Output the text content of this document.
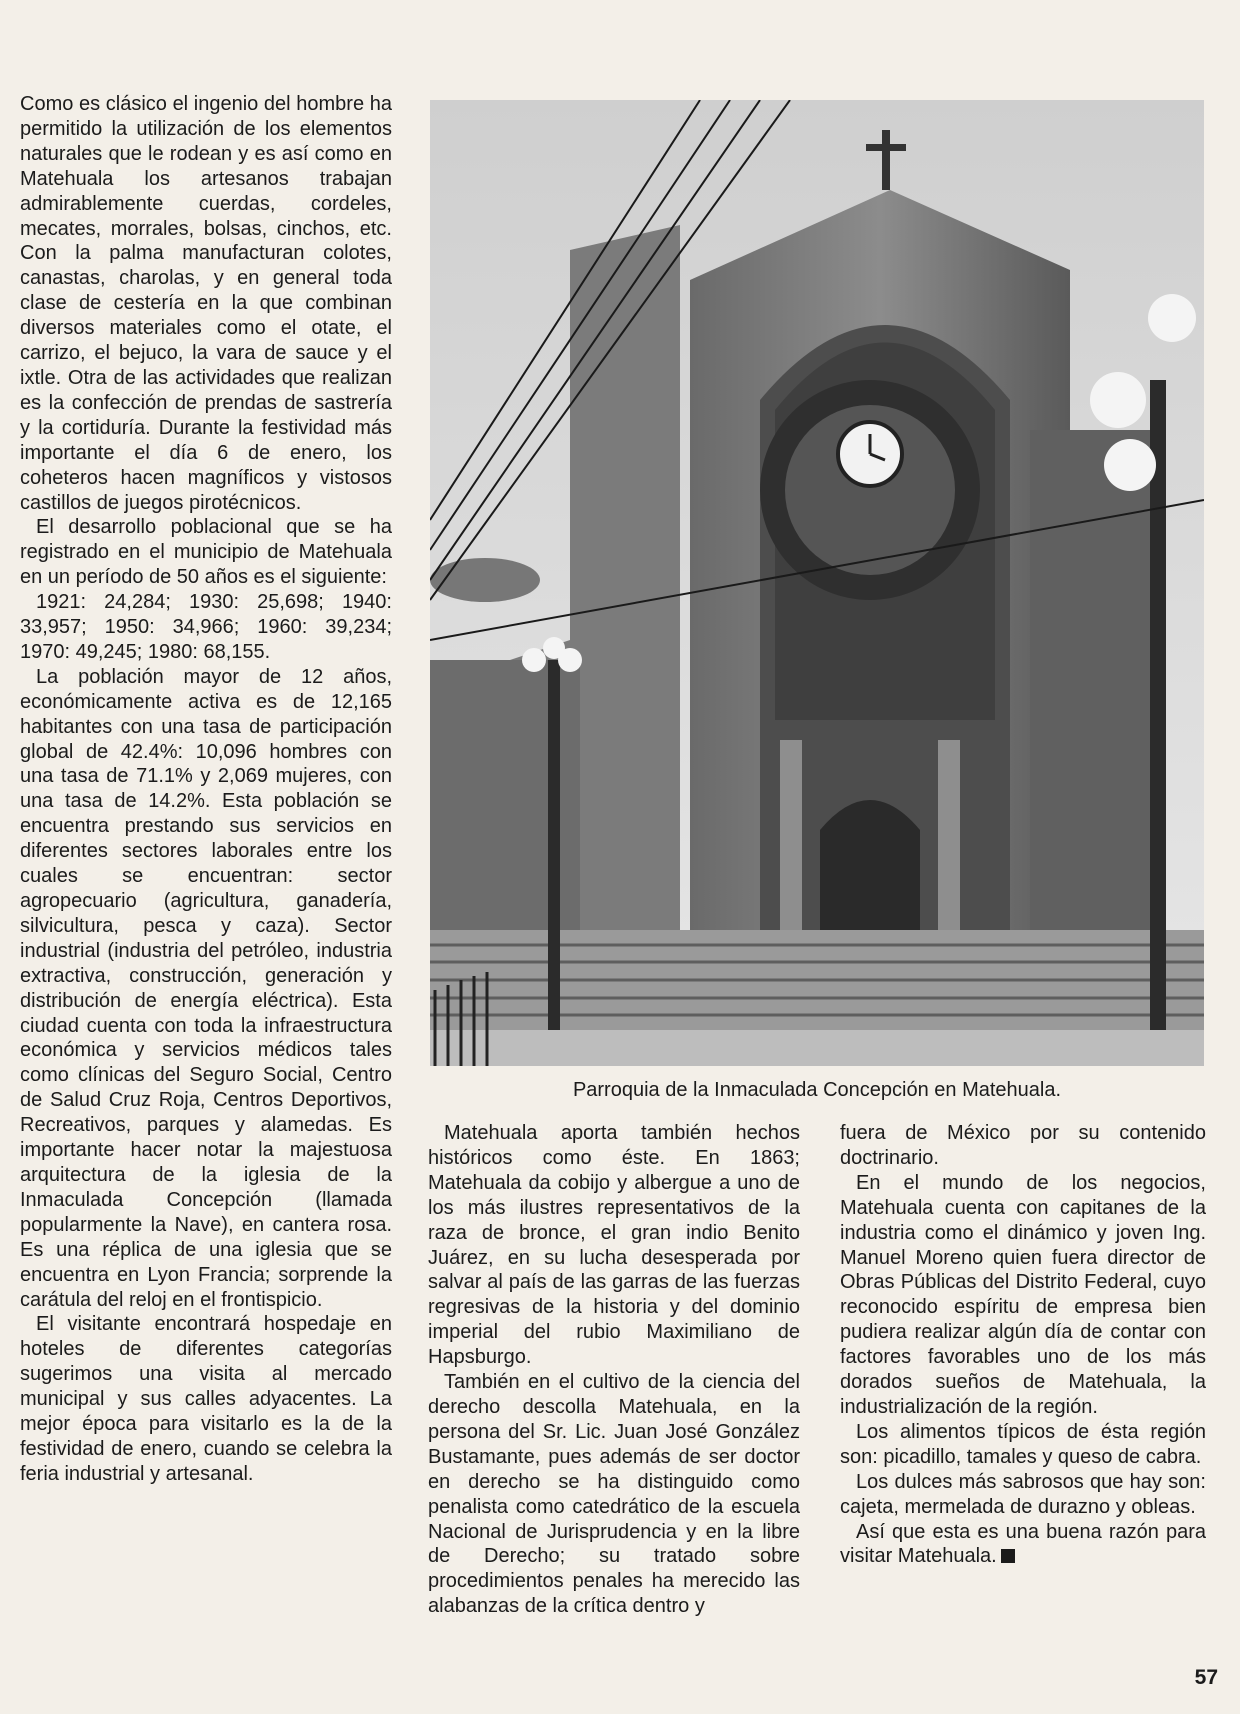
Como es clásico el ingenio del hombre ha permitido la utilización de los elementos naturales que le rodean y es así como en Matehuala los artesanos trabajan admirablemente cuerdas, cordeles, mecates, morrales, bolsas, cinchos, etc. Con la palma manufacturan colotes, canastas, charolas, y en general toda clase de cestería en la que combinan diversos materiales como el otate, el carrizo, el bejuco, la vara de sauce y el ixtle. Otra de las actividades que realizan es la confección de prendas de sastrería y la cortiduría. Durante la festividad más importante el día 6 de enero, los coheteros hacen magníficos y vistosos castillos de juegos pirotécnicos.

El desarrollo poblacional que se ha registrado en el municipio de Matehuala en un período de 50 años es el siguiente:

1921: 24,284; 1930: 25,698; 1940: 33,957; 1950: 34,966; 1960: 39,234; 1970: 49,245; 1980: 68,155.

La población mayor de 12 años, económicamente activa es de 12,165 habitantes con una tasa de participación global de 42.4%: 10,096 hombres con una tasa de 71.1% y 2,069 mujeres, con una tasa de 14.2%. Esta población se encuentra prestando sus servicios en diferentes sectores laborales entre los cuales se encuentran: sector agropecuario (agricultura, ganadería, silvicultura, pesca y caza). Sector industrial (industria del petróleo, industria extractiva, construcción, generación y distribución de energía eléctrica). Esta ciudad cuenta con toda la infraestructura económica y servicios médicos tales como clínicas del Seguro Social, Centro de Salud Cruz Roja, Centros Deportivos, Recreativos, parques y alamedas. Es importante hacer notar la majestuosa arquitectura de la iglesia de la Inmaculada Concepción (llamada popularmente la Nave), en cantera rosa. Es una réplica de una iglesia que se encuentra en Lyon Francia; sorprende la carátula del reloj en el frontispicio.

El visitante encontrará hospedaje en hoteles de diferentes categorías sugerimos una visita al mercado municipal y sus calles adyacentes. La mejor época para visitarlo es la de la festividad de enero, cuando se celebra la feria industrial y artesanal.

Parroquia de la Inmaculada Concepción en Matehuala.

Matehuala aporta también hechos históricos como éste. En 1863; Matehuala da cobijo y albergue a uno de los más ilustres representativos de la raza de bronce, el gran indio Benito Juárez, en su lucha desesperada por salvar al país de las garras de las fuerzas regresivas de la historia y del dominio imperial del rubio Maximiliano de Hapsburgo.

También en el cultivo de la ciencia del derecho descolla Matehuala, en la persona del Sr. Lic. Juan José González Bustamante, pues además de ser doctor en derecho se ha distinguido como penalista como catedrático de la escuela Nacional de Jurisprudencia y en la libre de Derecho; su tratado sobre procedimientos penales ha merecido las alabanzas de la crítica dentro y

fuera de México por su contenido doctrinario.

En el mundo de los negocios, Matehuala cuenta con capitanes de la industria como el dinámico y joven Ing. Manuel Moreno quien fuera director de Obras Públicas del Distrito Federal, cuyo reconocido espíritu de empresa bien pudiera realizar algún día de contar con factores favorables uno de los más dorados sueños de Matehuala, la industrialización de la región.

Los alimentos típicos de ésta región son: picadillo, tamales y queso de cabra.

Los dulces más sabrosos que hay son: cajeta, mermelada de durazno y obleas.

Así que esta es una buena razón para visitar Matehuala.

57
